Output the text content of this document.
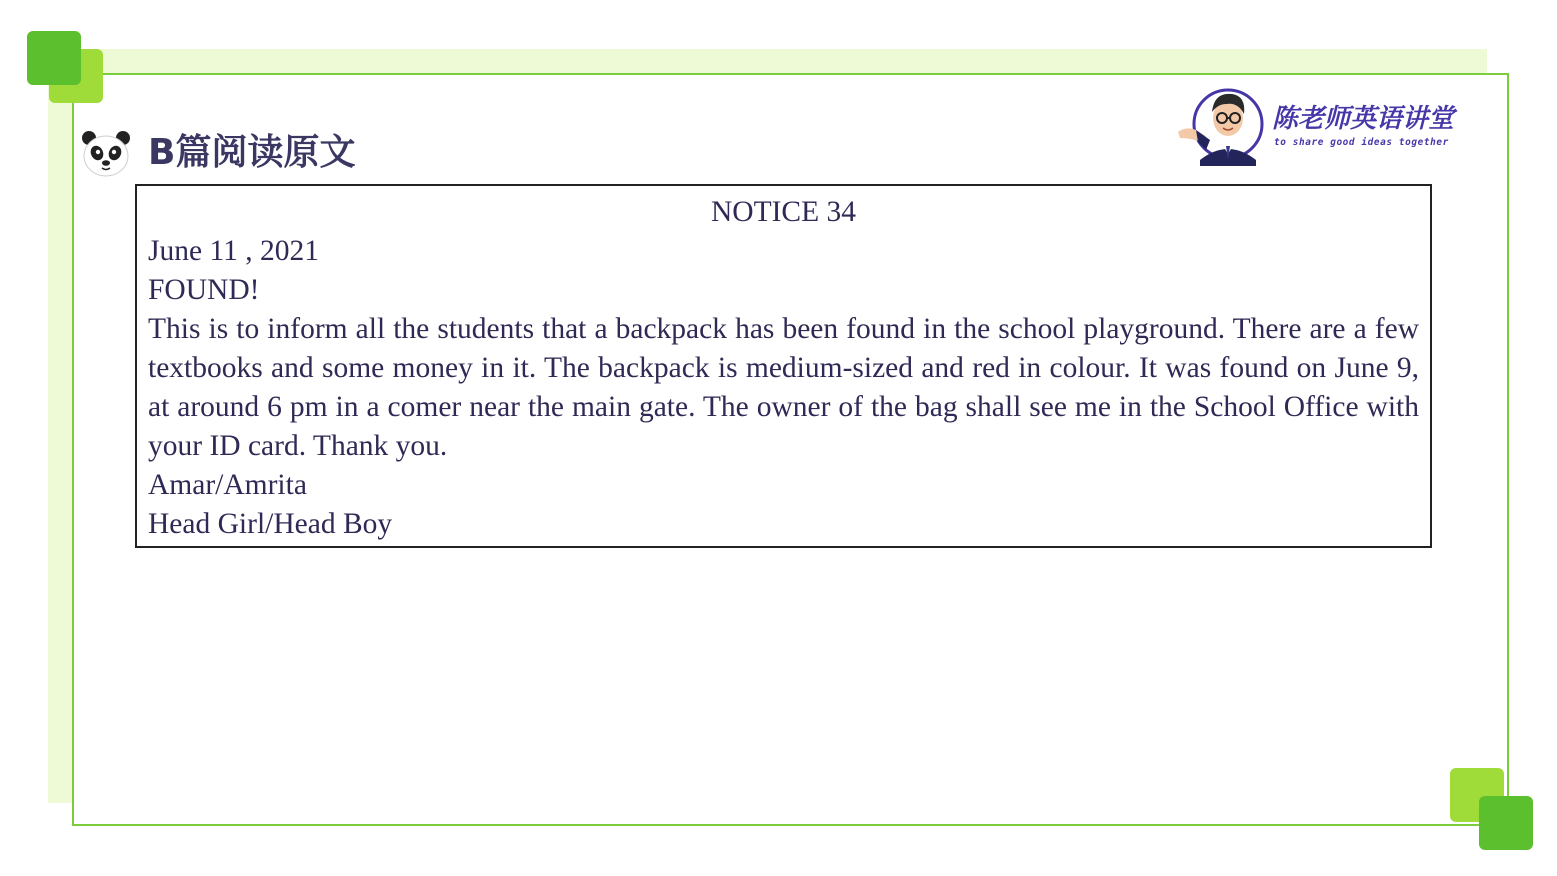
B篇阅读原文
陈老师英语讲堂
to share good ideas together
NOTICE 34
June 11 , 2021
FOUND!
This is to inform all the students that a backpack has been found in the school playground. There are a few textbooks and some money in it. The backpack is medium-sized and red in colour. It was found on June 9, at around 6 pm in a comer near the main gate. The owner of the bag shall see me in the School Office with your ID card. Thank you.
Amar/Amrita
Head Girl/Head Boy
